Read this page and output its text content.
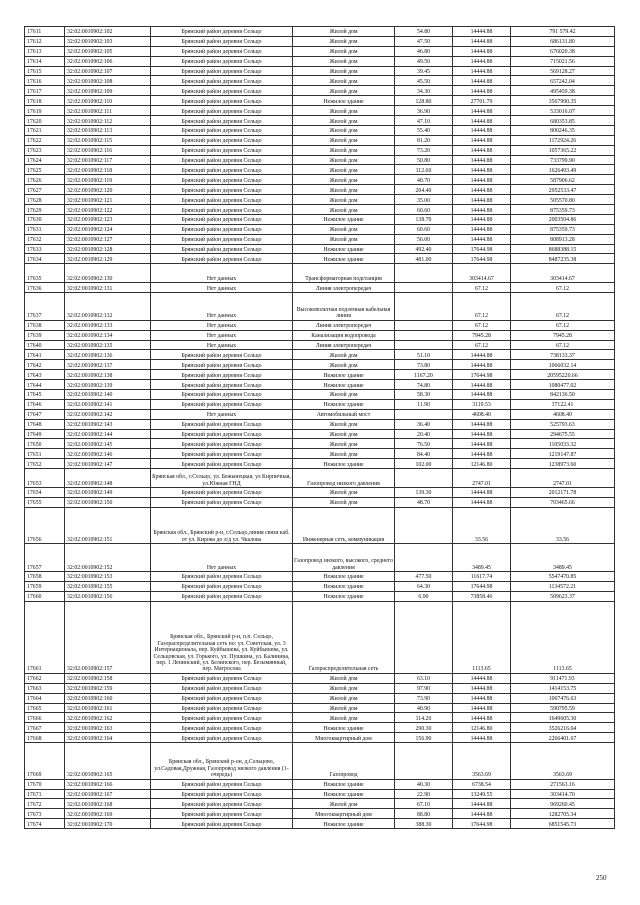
17611	32:02:0010902:102	Брянский район деревня Сельцо	Жилой дом	54.80	14444.88	791 579.42
17612	32:02:0010902:103	Брянский район деревня Сельцо	Жилой дом	47.50	14444.88	686131.80
17613	32:02:0010902:105	Брянский район деревня Сельцо	Жилой дом	46.80	14444.88	676020.38
17614	32:02:0010902:106	Брянский район деревня Сельцо	Жилой дом	49.50	14444.88	715021.56
17615	32:02:0010902:107	Брянский район деревня Сельцо	Жилой дом	39.45	14444.88	569128.27
17616	32:02:0010902:108	Брянский район деревня Сельцо	Жилой дом	45.50	14444.88	657242.04
17617	32:02:0010902:109	Брянский район деревня Сельцо	Жилой дом	34.30	14444.88	495459.38
17618	32:02:0010902:110	Брянский район деревня Сельцо	Нежилое здание	128.80	27701.79	3567990.35
17619	32:02:0010902:111	Брянский район деревня Сельцо	Жилой дом	36.90	14444.88	533016.07
17620	32:02:0010902:112	Брянский район деревня Сельцо	Жилой дом	47.10	14444.88	680353.85
17621	32:02:0010902:113	Брянский район деревня Сельцо	Жилой дом	55.40	14444.88	800246.35
17622	32:02:0010902:115	Брянский район деревня Сельцо	Жилой дом	81.20	14444.88	1172924.26
17623	32:02:0010902:116	Брянский район деревня Сельцо	Жилой дом	73.20	14444.88	1057365.22
17624	32:02:0010902:117	Брянский район деревня Сельцо	Жилой дом	50.80	14444.88	733799.90
17625	32:02:0010902:118	Брянский район деревня Сельцо	Жилой дом	112.60	14444.88	1626493.49
17626	32:02:0010902:119	Брянский район деревня Сельцо	Жилой дом	40.70	14444.88	587906.62
17627	32:02:0010902:120	Брянский район деревня Сельцо	Жилой дом	204.40	14444.88	2952533.47
17628	32:02:0010902:121	Брянский район деревня Сельцо	Жилой дом	35.00	14444.88	505570.80
17629	32:02:0010902:122	Брянский район деревня Сельцо	Жилой дом	60.60	14444.88	875359.73
17630	32:02:0010902:123	Брянский район деревня Сельцо	Нежилое здание	138.70	14444.88	2003504.86
17631	32:02:0010902:124	Брянский район деревня Сельцо	Жилой дом	60.60	14444.88	875359.73
17632	32:02:0010902:127	Брянский район деревня Сельцо	Жилой дом	56.00	14444.88	808913.28
17633	32:02:0010902:128	Брянский район деревня Сельцо	Нежилое здание	492.40	17644.98	8688388.15
17634	32:02:0010902:129	Брянский район деревня Сельцо	Нежилое здание	481.00	17644.98	8487235.38
17635	32:02:0010902:130	Нет данных	Трансформаторная подстанция		303414.67	303414.67
17636	32:02:0010902:131	Нет данных	Линия электропередач		67.12	67.12
17637	32:02:0010902:132	Нет данных	Высоковольтная подземная кабельная линия		67.12	67.12
17638	32:02:0010902:133	Нет данных	Линия электропередач		67.12	67.12
17639	32:02:0010902:134	Нет данных	Канализация водопровода		7945.28	7945.28
17640	32:02:0010902:135	Нет данных	Линия электропередач		67.12	67.12
17641	32:02:0010902:136	Брянский район деревня Сельцо	Жилой дом	51.10	14444.88	738133.37
17642	32:02:0010902:137	Брянский район деревня Сельцо	Жилой дом	73.80	14444.88	1066032.14
17643	32:02:0010902:138	Брянский район деревня Сельцо	Нежилое здание	1167.20	17644.98	20595220.66
17644	32:02:0010902:139	Брянский район деревня Сельцо	Нежилое здание	74.80	14444.88	1080477.02
17645	32:02:0010902:140	Брянский район деревня Сельцо	Жилой дом	58.30	14444.88	842136.50
17646	32:02:0010902:141	Брянский район деревня Сельцо	Нежилое здание	11.90	3119.53	37122.41
17647	32:02:0010902:142	Нет данных	Автомобильный мост		4608.40	4608.40
17648	32:02:0010902:143	Брянский район деревня Сельцо	Жилой дом	36.40	14444.88	525793.63
17649	32:02:0010902:144	Брянский район деревня Сельцо	Жилой дом	20.40	14444.88	294675.55
17650	32:02:0010902:145	Брянский район деревня Сельцо	Жилой дом	76.50	14444.88	1105033.32
17651	32:02:0010902:146	Брянский район деревня Сельцо	Жилой дом	84.40	14444.88	1219147.87
17652	32:02:0010902:147	Брянский район деревня Сельцо	Нежилое здание	102.00	12146.80	1238973.60
17653	32:02:0010902:148	Брянская обл., г.Сельцо, ул. Бежынецкая, ул Кирпичная, ул.Южная ГНД	Газопровод низкого давления		2747.01	2747.01
17654	32:02:0010902:149	Брянский район деревня Сельцо	Жилой дом	139.30	14444.88	2012171.78
17655	32:02:0010902:150	Брянский район деревня Сельцо	Жилой дом	48.70	14444.88	703465.66
17656	32:02:0010902:151	Брянская обл., Брянский р-н, г.Сельцо,линия связи каб. от ул. Кирова до л/д ул. Чкалова	Инженерная сеть, коммуникация		33.56	33.56
17657	32:02:0010902:152	Нет данных	Газопровод низкого, высокого, среднего давления		3489.45	3489.45
17658	32:02:0010902:153	Брянский район деревня Сельцо	Нежилое здание	477.50	11617.74	5547470.85
17659	32:02:0010902:155	Брянский район деревня Сельцо	Нежилое здание	64.30	17644.98	1134572.21
17660	32:02:0010902:156	Брянский район деревня Сельцо	Нежилое здание	6.90	73858.46	509623.37
17661	32:02:0010902:157	Брянская обл., Брянский р-н, п.п. Сельцо, Газораспределительная сеть по: ул. Советская, ул. 3 Интернационала, пер. Куйбышева, ул. Куйбышева, ул. Сельцовская, ул. Горького, ул. Пушкина, ул. Калинина, пер. 1 Ленинский, ул. Белинского, пер. Безымянный, пер. Матросова	Газораспределительная сеть		1113.65	1113.65
17662	32:02:0010902:158	Брянский район деревня Сельцо	Жилой дом	63.10	14444.88	911471.93
17663	32:02:0010902:159	Брянский район деревня Сельцо	Жилой дом	97.90	14444.88	1414153.75
17664	32:02:0010902:160	Брянский район деревня Сельцо	Жилой дом	73.90	14444.88	1067476.63
17665	32:02:0010902:161	Брянский район деревня Сельцо	Жилой дом	40.90	14444.88	590795.59
17666	32:02:0010902:162	Брянский район деревня Сельцо	Жилой дом	114.20	14444.88	1649605.30
17667	32:02:0010902:163	Брянский район деревня Сельцо	Нежилое здание	290.30	12146.80	3526216.04
17668	32:02:0010902:164	Брянский район деревня Сельцо	Многоквартирный дом	156.90	14444.88	2266401.67
17669	32:02:0010902:165	Брянская обл., Брянский р-он, д.Сельцово, ул.Садовая,Дружная, Газопровод низкого давления (1- очередь)	Газопровод		3563.69	3563.69
17670	32:02:0010902:166	Брянский район деревня Сельцо	Нежилое здание	40.30	6738.54	271563.16
17671	32:02:0010902:167	Брянский район деревня Сельцо	Нежилое здание	22.90	13249.55	303414.70
17672	32:02:0010902:168	Брянский район деревня Сельцо	Жилой дом	67.10	14444.88	969260.45
17673	32:02:0010902:169	Брянский район деревня Сельцо	Многоквартирный дом	88.80	14444.88	1282705.34
17674	32:02:0010902:170	Брянский район деревня Сельцо	Нежилое здание	388.30	17644.98	6851545.73
250
